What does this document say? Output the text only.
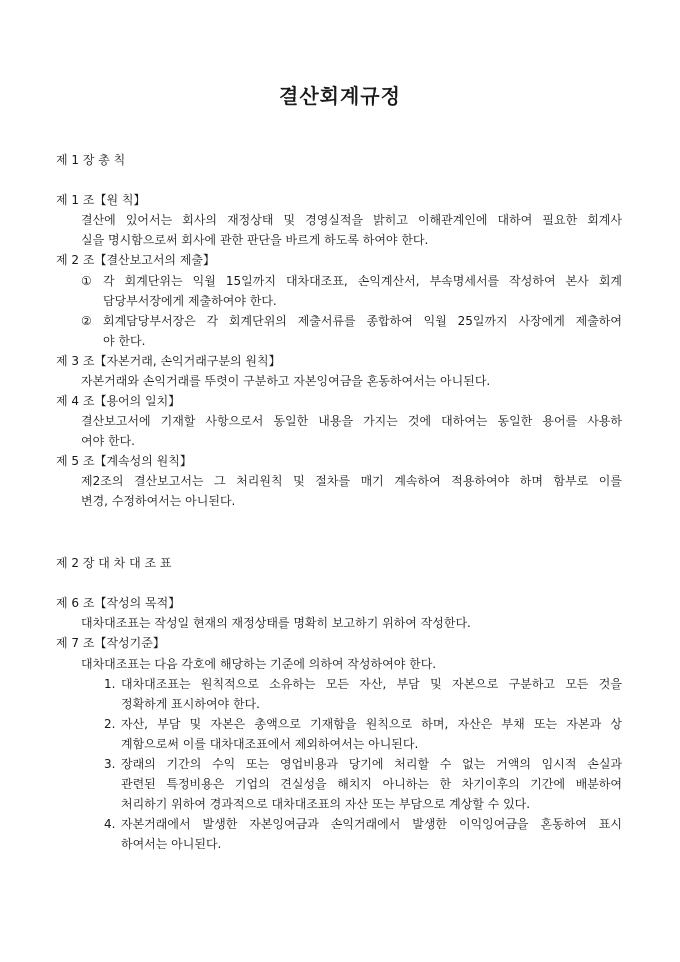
결산회계규정
제 1 장 총 칙
제 1 조【원 칙】
결산에 있어서는 회사의 재정상태 및 경영실적을 밝히고 이해관계인에 대하여 필요한 회계사
실을 명시함으로써 회사에 관한 판단을 바르게 하도록 하여야 한다.
제 2 조【결산보고서의 제출】
① 각 회계단위는 익월 15일까지 대차대조표, 손익계산서, 부속명세서를 작성하여 본사 회계
담당부서장에게 제출하여야 한다.
② 회계담당부서장은 각 회계단위의 제출서류를 종합하여 익월 25일까지 사장에게 제출하여
야 한다.
제 3 조【자본거래, 손익거래구분의 원칙】
자본거래와 손익거래를 뚜렷이 구분하고 자본잉여금을 혼동하여서는 아니된다.
제 4 조【용어의 일치】
결산보고서에 기재할 사항으로서 동일한 내용을 가지는 것에 대하여는 동일한 용어를 사용하
여야 한다.
제 5 조【계속성의 원칙】
제2조의 결산보고서는 그 처리원칙 및 절차를 매기 계속하여 적용하여야 하며 함부로 이를
변경, 수정하여서는 아니된다.
제 2 장 대 차 대 조 표
제 6 조【작성의 목적】
대차대조표는 작성일 현재의 재정상태를 명확히 보고하기 위하여 작성한다.
제 7 조【작성기준】
대차대조표는 다음 각호에 해당하는 기준에 의하여 작성하여야 한다.
1. 대차대조표는 원칙적으로 소유하는 모든 자산, 부담 및 자본으로 구분하고 모든 것을
정확하게 표시하여야 한다.
2. 자산, 부담 및 자본은 총액으로 기재함을 원칙으로 하며, 자산은 부채 또는 자본과 상
계함으로써 이를 대차대조표에서 제외하여서는 아니된다.
3. 장래의 기간의 수익 또는 영업비용과 당기에 처리할 수 없는 거액의 임시적 손실과
관련된 특정비용은 기업의 견실성을 해치지 아니하는 한 차기이후의 기간에 배분하여
처리하기 위하여 경과적으로 대차대조표의 자산 또는 부담으로 계상할 수 있다.
4. 자본거래에서 발생한 자본잉여금과 손익거래에서 발생한 이익잉여금을 혼동하여 표시
하여서는 아니된다.
